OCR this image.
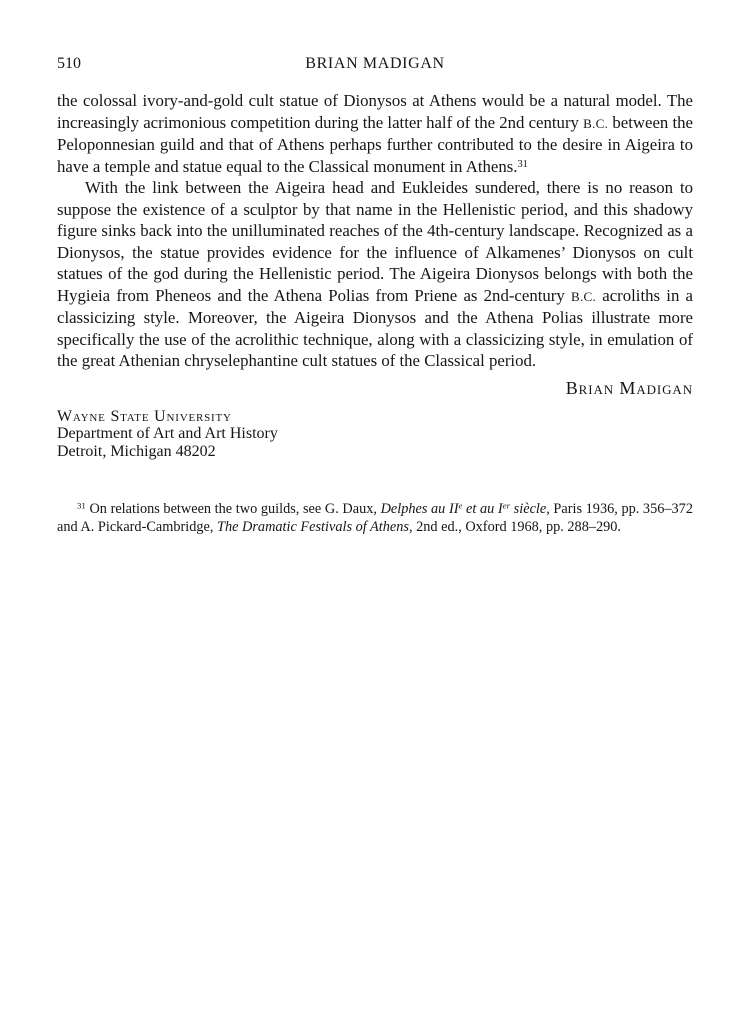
510	BRIAN MADIGAN

the colossal ivory-and-gold cult statue of Dionysos at Athens would be a natural model. The increasingly acrimonious competition during the latter half of the 2nd century B.C. between the Peloponnesian guild and that of Athens perhaps further contributed to the desire in Aigeira to have a temple and statue equal to the Classical monument in Athens.$^{31}$

With the link between the Aigeira head and Eukleides sundered, there is no reason to suppose the existence of a sculptor by that name in the Hellenistic period, and this shadowy figure sinks back into the unilluminated reaches of the 4th-century landscape. Recognized as a Dionysos, the statue provides evidence for the influence of Alkamenes’ Dionysos on cult statues of the god during the Hellenistic period. The Aigeira Dionysos belongs with both the Hygieia from Pheneos and the Athena Polias from Priene as 2nd-century B.C. acroliths in a classicizing style. Moreover, the Aigeira Dionysos and the Athena Polias illustrate more specifically the use of the acrolithic technique, along with a classicizing style, in emulation of the great Athenian chryselephantine cult statues of the Classical period.

Brian Madigan
Wayne State University
Department of Art and Art History
Detroit, Michigan 48202

$^{31}$ On relations between the two guilds, see G. Daux, Delphes au IIe et au Ier siècle, Paris 1936, pp. 356–372 and A. Pickard-Cambridge, The Dramatic Festivals of Athens, 2nd ed., Oxford 1968, pp. 288–290.
